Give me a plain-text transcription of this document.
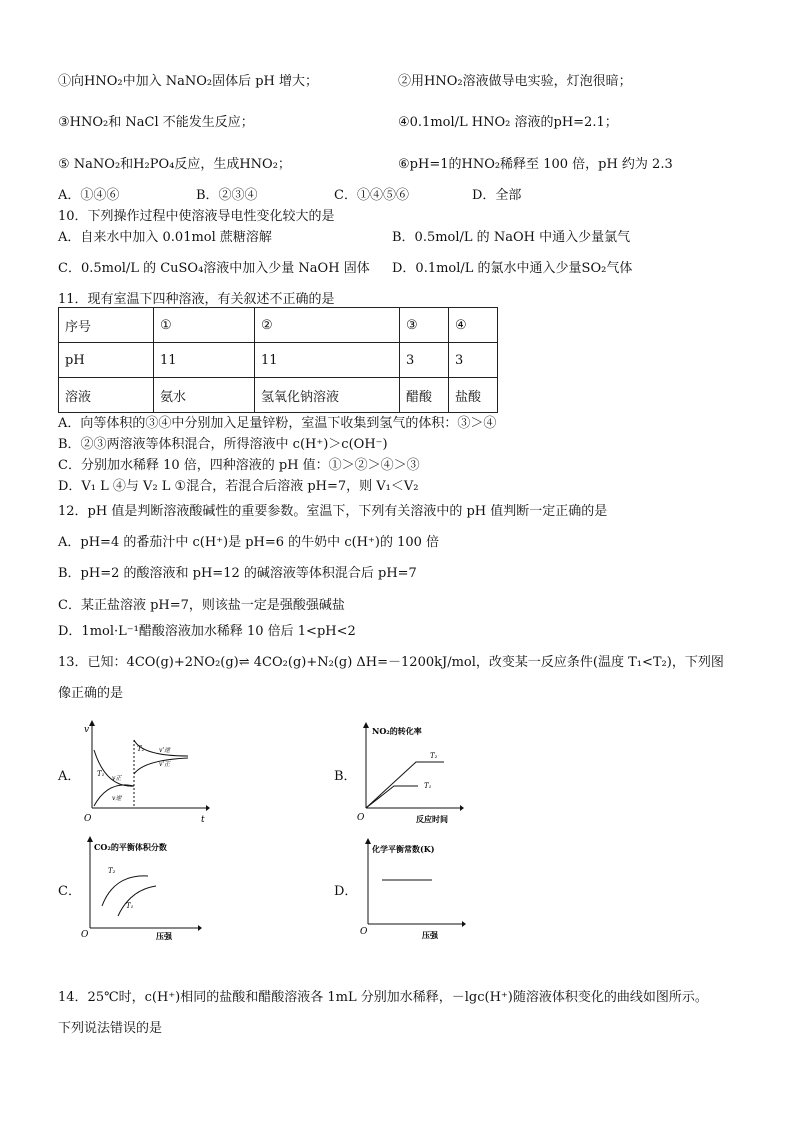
①向HNO₂中加入 NaNO₂固体后 pH 增大；	②用HNO₂溶液做导电实验，灯泡很暗；
③HNO₂和 NaCl 不能发生反应；	④0.1mol/L HNO₂ 溶液的pH=2.1；
⑤ NaNO₂和H₂PO₄反应，生成HNO₂；	⑥pH=1的HNO₂稀释至 100 倍，pH 约为 2.3
A．①④⑥	B．②③④	C．①④⑤⑥	D．全部
10．下列操作过程中使溶液导电性变化较大的是
A．自来水中加入 0.01mol 蔗糖溶解	B．0.5mol/L 的 NaOH 中通入少量氯气
C．0.5mol/L 的 CuSO₄溶液中加入少量 NaOH 固体 D．0.1mol/L 的氯水中通入少量SO₂气体
11．现有室温下四种溶液，有关叙述不正确的是
序号	①	②	③	④
pH	11	11	3	3
溶液	氨水	氢氧化钠溶液	醋酸	盐酸
A．向等体积的③④中分别加入足量锌粉，室温下收集到氢气的体积：③＞④
B．②③两溶液等体积混合，所得溶液中 c(H⁺)＞c(OH⁻)
C．分别加水稀释 10 倍，四种溶液的 pH 值：①＞②＞④＞③
D．V₁ L ④与 V₂ L ①混合，若混合后溶液 pH=7，则 V₁＜V₂
12．pH 值是判断溶液酸碱性的重要参数。室温下，下列有关溶液中的 pH 值判断一定正确的是
A．pH=4 的番茄汁中 c(H⁺)是 pH=6 的牛奶中 c(H⁺)的 100 倍
B．pH=2 的酸溶液和 pH=12 的碱溶液等体积混合后 pH=7
C．某正盐溶液 pH=7，则该盐一定是强酸强碱盐
D．1mol·L⁻¹醋酸溶液加水稀释 10 倍后 1<pH<2
13．已知：4CO(g)+2NO₂(g)⇌ 4CO₂(g)+N₂(g) ΔH=－1200kJ/mol，改变某一反应条件(温度 T₁<T₂)，下列图
像正确的是
A．	B．
C．	D．
v
t
O
T₁
T₂
v正
v逆
v'逆
v'正
NO₂的转化率
反应时间
O
T₂
T₁
CO₂的平衡体积分数
压强
O
T₂
T₁
化学平衡常数(K)
压强
O
14．25℃时，c(H⁺)相同的盐酸和醋酸溶液各 1mL 分别加水稀释，－lgc(H⁺)随溶液体积变化的曲线如图所示。
下列说法错误的是
